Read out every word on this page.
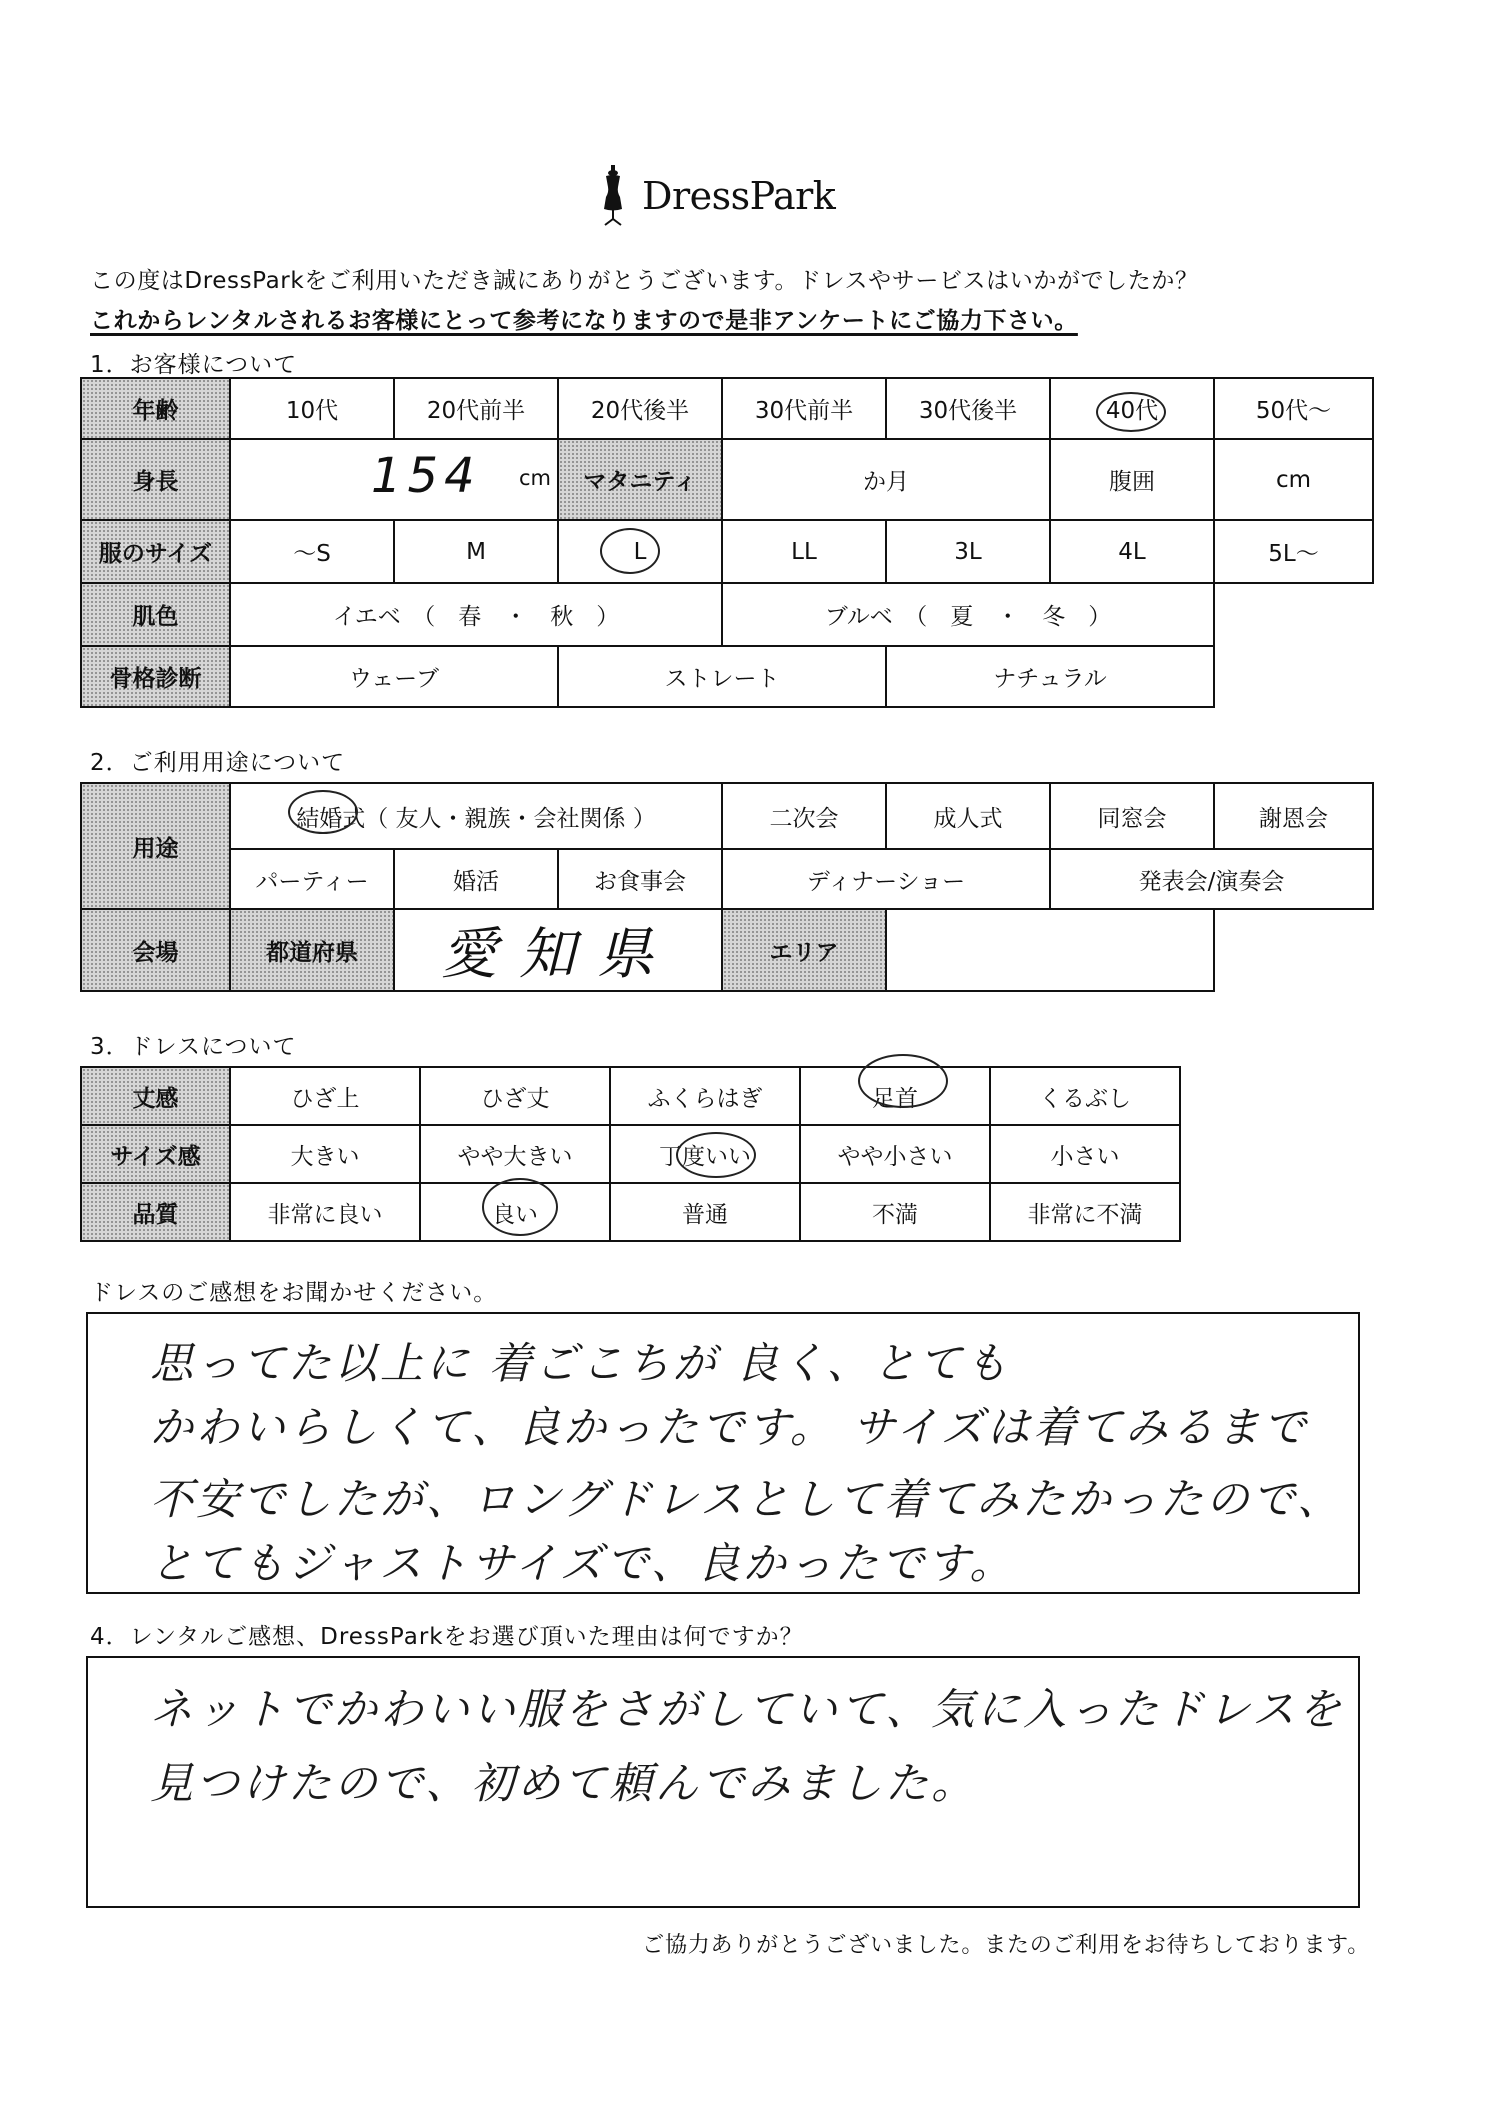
DressPark
この度はDressParkをご利用いただき誠にありがとうございます。ドレスやサービスはいかがでしたか？
これからレンタルされるお客様にとって参考になりますので是非アンケートにご協力下さい。
1．お客様について
年齢	10代	20代前半	20代後半	30代前半	30代後半	40代	50代～
身長	154 cm		マタニティ	か月		腹囲	cm
服のサイズ	～S	M	L	LL	3L	4L	5L～
肌色	イエベ　（　春　・　秋　）			ブルベ　（　夏　・　冬　）			
骨格診断	ウェーブ		ストレート		ナチュラル		
2．ご利用用途について
用途	結婚式（ 友人・親族・会社関係 ）			二次会	成人式	同窓会	謝恩会
	パーティー	婚活	お食事会	ディナーショー		発表会/演奏会	
会場	都道府県	愛知県		エリア			
3．ドレスについて
丈感	ひざ上	ひざ丈	ふくらはぎ	足首	くるぶし
サイズ感	大きい	やや大きい	丁度いい	やや小さい	小さい
品質	非常に良い	良い	普通	不満	非常に不満
ドレスのご感想をお聞かせください。
思ってた以上に 着ごこちが 良く、とても
かわいらしくて、良かったです。 サイズは着てみるまで
不安でしたが、ロングドレスとして着てみたかったので、
とてもジャストサイズで、良かったです。
4．レンタルご感想、DressParkをお選び頂いた理由は何ですか？
ネットでかわいい服をさがしていて、気に入ったドレスを
見つけたので、初めて頼んでみました。
ご協力ありがとうございました。またのご利用をお待ちしております。
